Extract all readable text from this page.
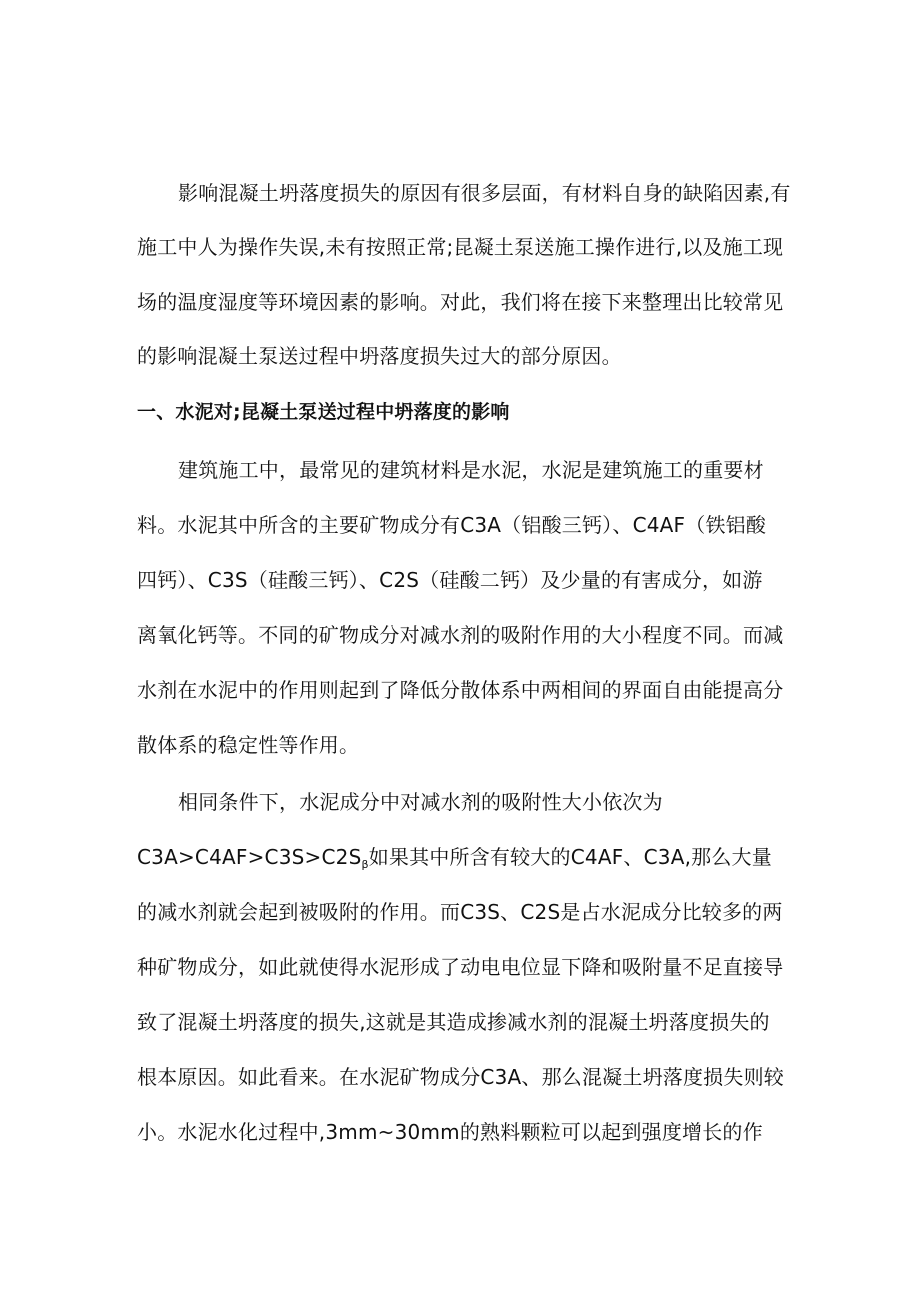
影响混凝土坍落度损失的原因有很多层面，有材料自身的缺陷因素,有
施工中人为操作失误,未有按照正常;昆凝土泵送施工操作进行,以及施工现
场的温度湿度等环境因素的影响。对此，我们将在接下来整理出比较常见
的影响混凝土泵送过程中坍落度损失过大的部分原因。
一、水泥对;昆凝土泵送过程中坍落度的影响
建筑施工中，最常见的建筑材料是水泥，水泥是建筑施工的重要材
料。水泥其中所含的主要矿物成分有C3A（铝酸三钙）、C4AF（铁铝酸
四钙）、C3S（硅酸三钙）、C2S（硅酸二钙）及少量的有害成分，如游
离氧化钙等。不同的矿物成分对减水剂的吸附作用的大小程度不同。而减
水剂在水泥中的作用则起到了降低分散体系中两相间的界面自由能提高分
散体系的稳定性等作用。
相同条件下，水泥成分中对减水剂的吸附性大小依次为
$C3A>C4AF>C3S>C2S_\beta$如果其中所含有较大的C4AF、C3A,那么大量
的减水剂就会起到被吸附的作用。而C3S、C2S是占水泥成分比较多的两
种矿物成分，如此就使得水泥形成了动电电位显下降和吸附量不足直接导
致了混凝土坍落度的损失,这就是其造成掺减水剂的混凝土坍落度损失的
根本原因。如此看来。在水泥矿物成分C3A、那么混凝土坍落度损失则较
小。水泥水化过程中,3mm~30mm的熟料颗粒可以起到强度增长的作
